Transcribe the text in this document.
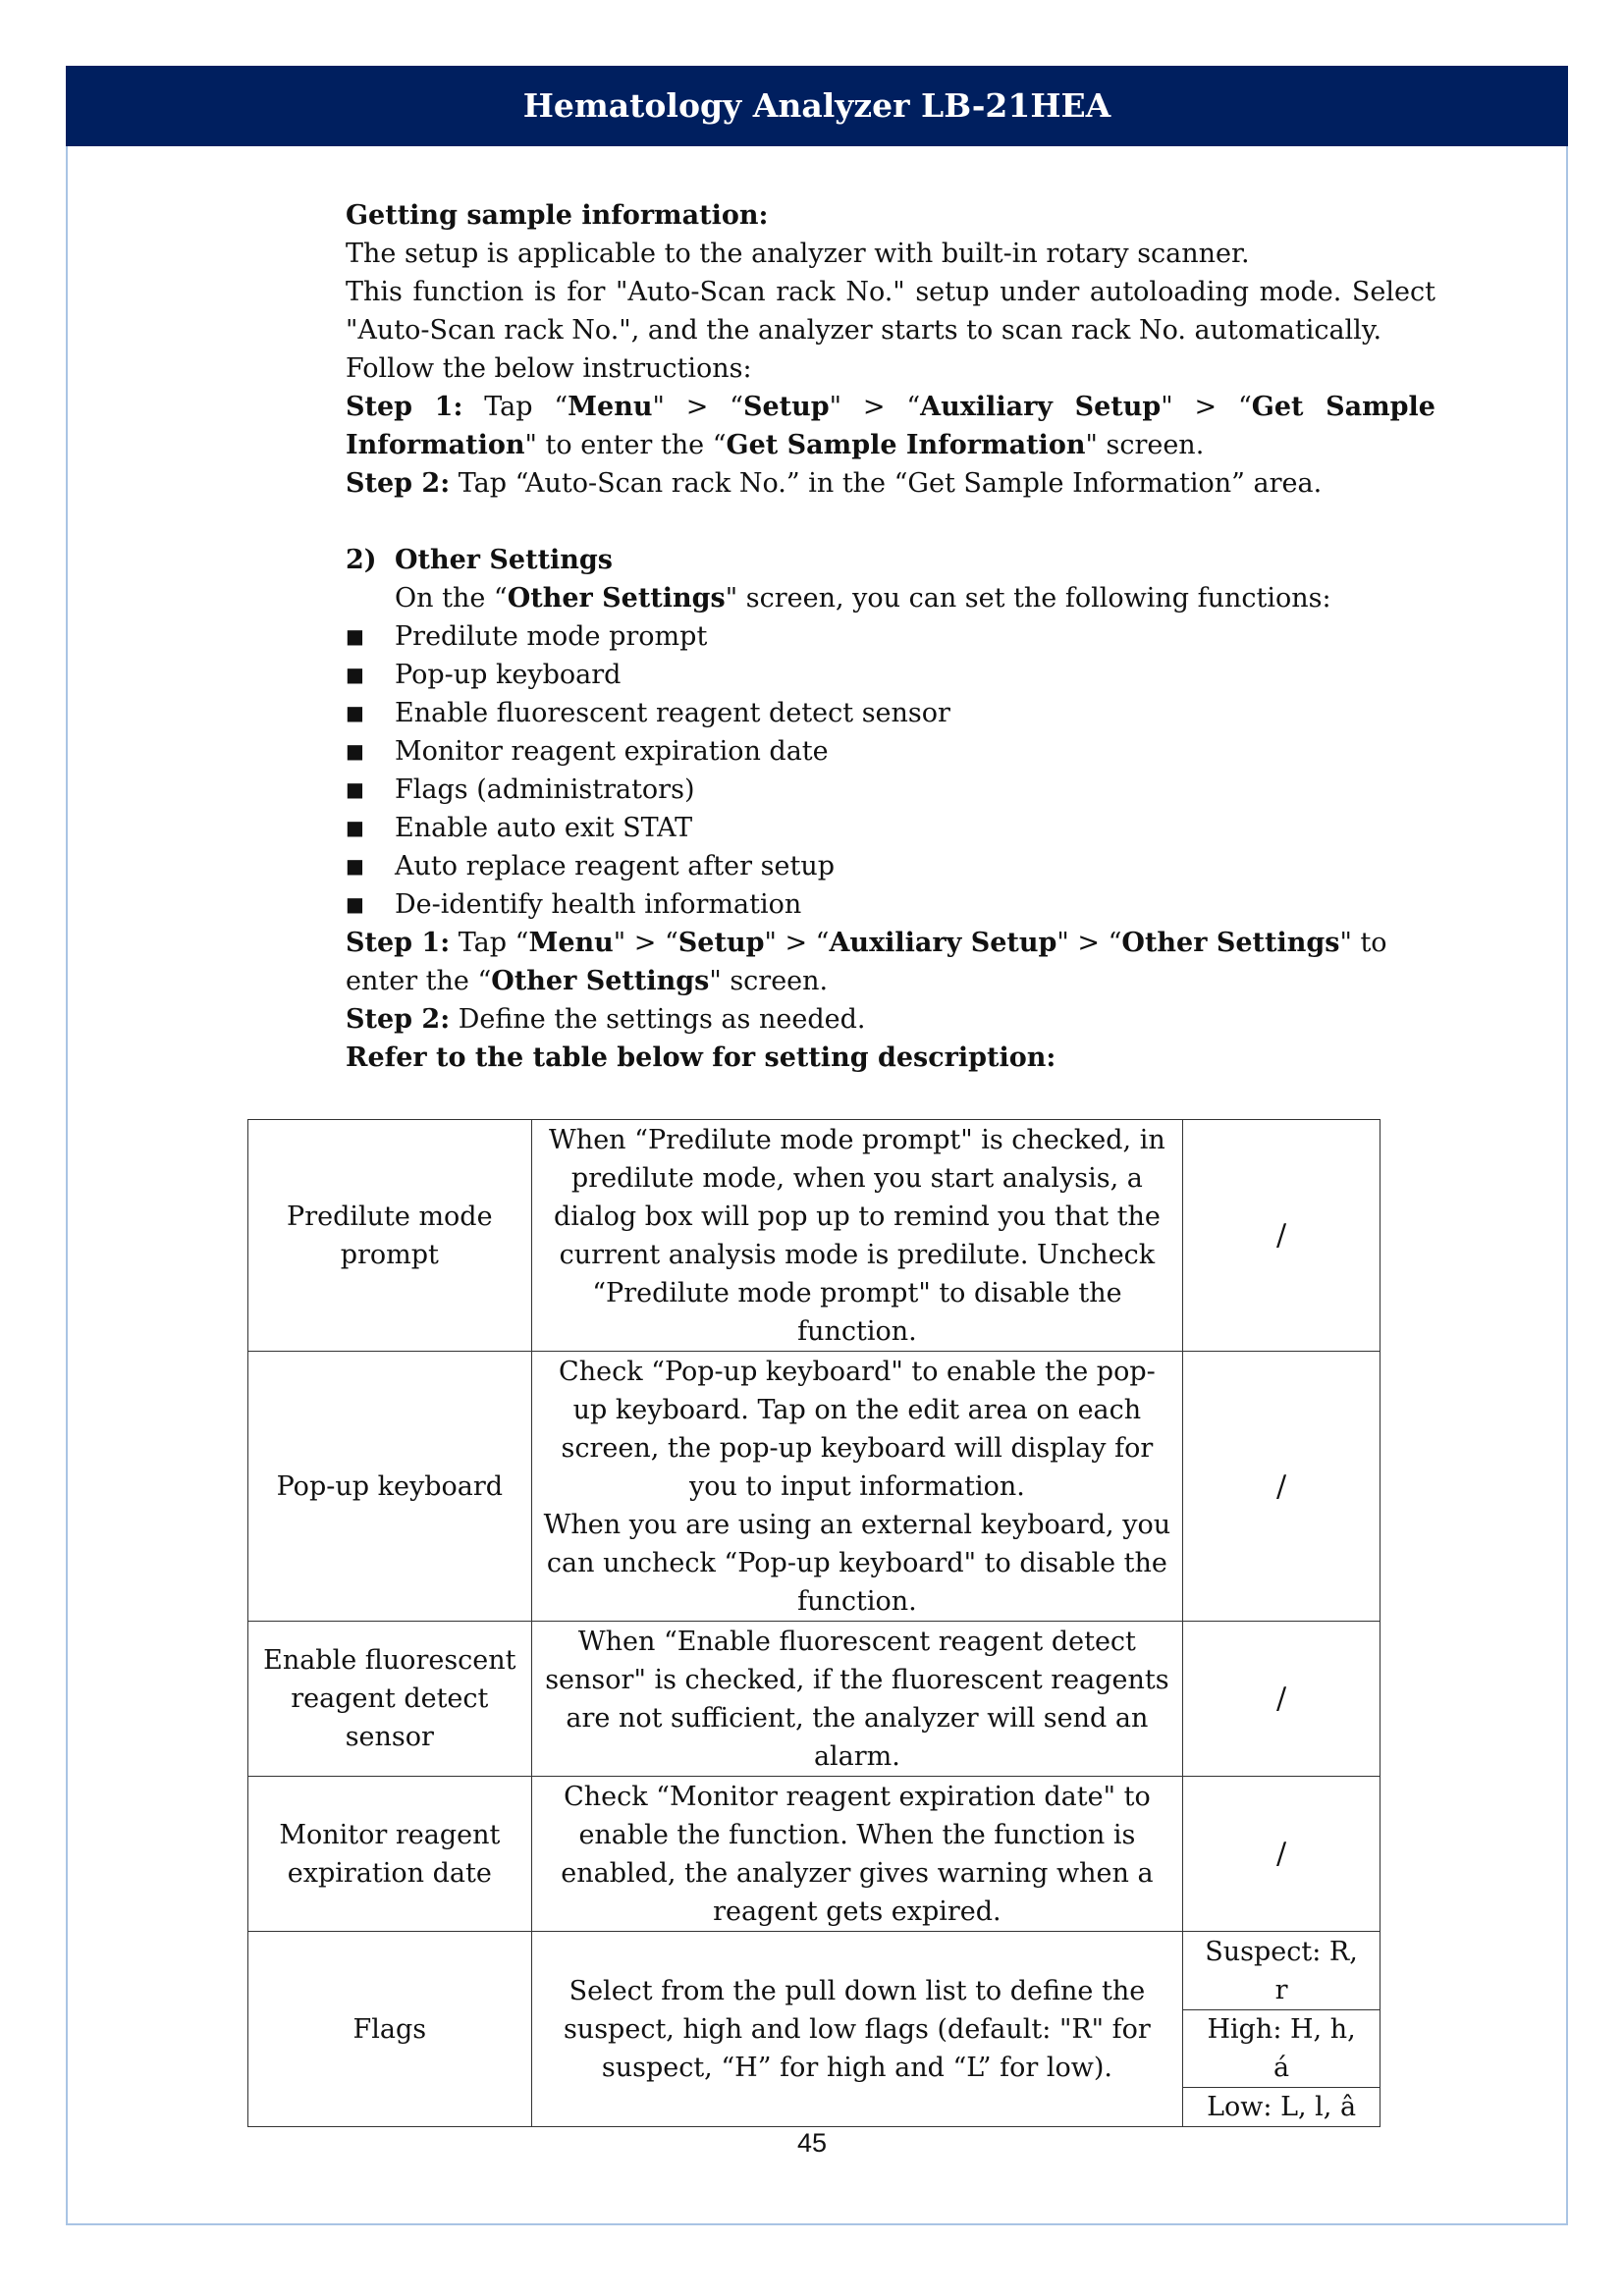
Hematology Analyzer LB-21HEA

Getting sample information:

The setup is applicable to the analyzer with built-in rotary scanner.

This function is for "Auto-Scan rack No." setup under autoloading mode. Select "Auto-Scan rack No.", and the analyzer starts to scan rack No. automatically.

Follow the below instructions:

Step 1: Tap “Menu" > “Setup" > “Auxiliary Setup" > “Get Sample Information" to enter the “Get Sample Information" screen.

Step 2: Tap “Auto-Scan rack No.” in the “Get Sample Information” area.

2) Other Settings

On the “Other Settings" screen, you can set the following functions:

■	Predilute mode prompt
■	Pop-up keyboard
■	Enable fluorescent reagent detect sensor
■	Monitor reagent expiration date
■	Flags (administrators)
■	Enable auto exit STAT
■	Auto replace reagent after setup
■	De-identify health information

Step 1: Tap “Menu" > “Setup" > “Auxiliary Setup" > “Other Settings" to enter the “Other Settings" screen.

Step 2: Define the settings as needed.

Refer to the table below for setting description:

Predilute mode prompt	When “Predilute mode prompt" is checked, in predilute mode, when you start analysis, a dialog box will pop up to remind you that the current analysis mode is predilute. Uncheck “Predilute mode prompt" to disable the function.	/
Pop-up keyboard	Check “Pop-up keyboard" to enable the pop-up keyboard. Tap on the edit area on each screen, the pop-up keyboard will display for you to input information.
When you are using an external keyboard, you can uncheck “Pop-up keyboard" to disable the function.	/
Enable fluorescent reagent detect sensor	When “Enable fluorescent reagent detect sensor" is checked, if the fluorescent reagents are not sufficient, the analyzer will send an alarm.	/
Monitor reagent expiration date	Check “Monitor reagent expiration date" to enable the function. When the function is enabled, the analyzer gives warning when a reagent gets expired.	/
Flags	Select from the pull down list to define the suspect, high and low flags (default: "R" for suspect, “H” for high and “L” for low).	Suspect: R, r
		High: H, h, á
		Low: L, l, â
45
